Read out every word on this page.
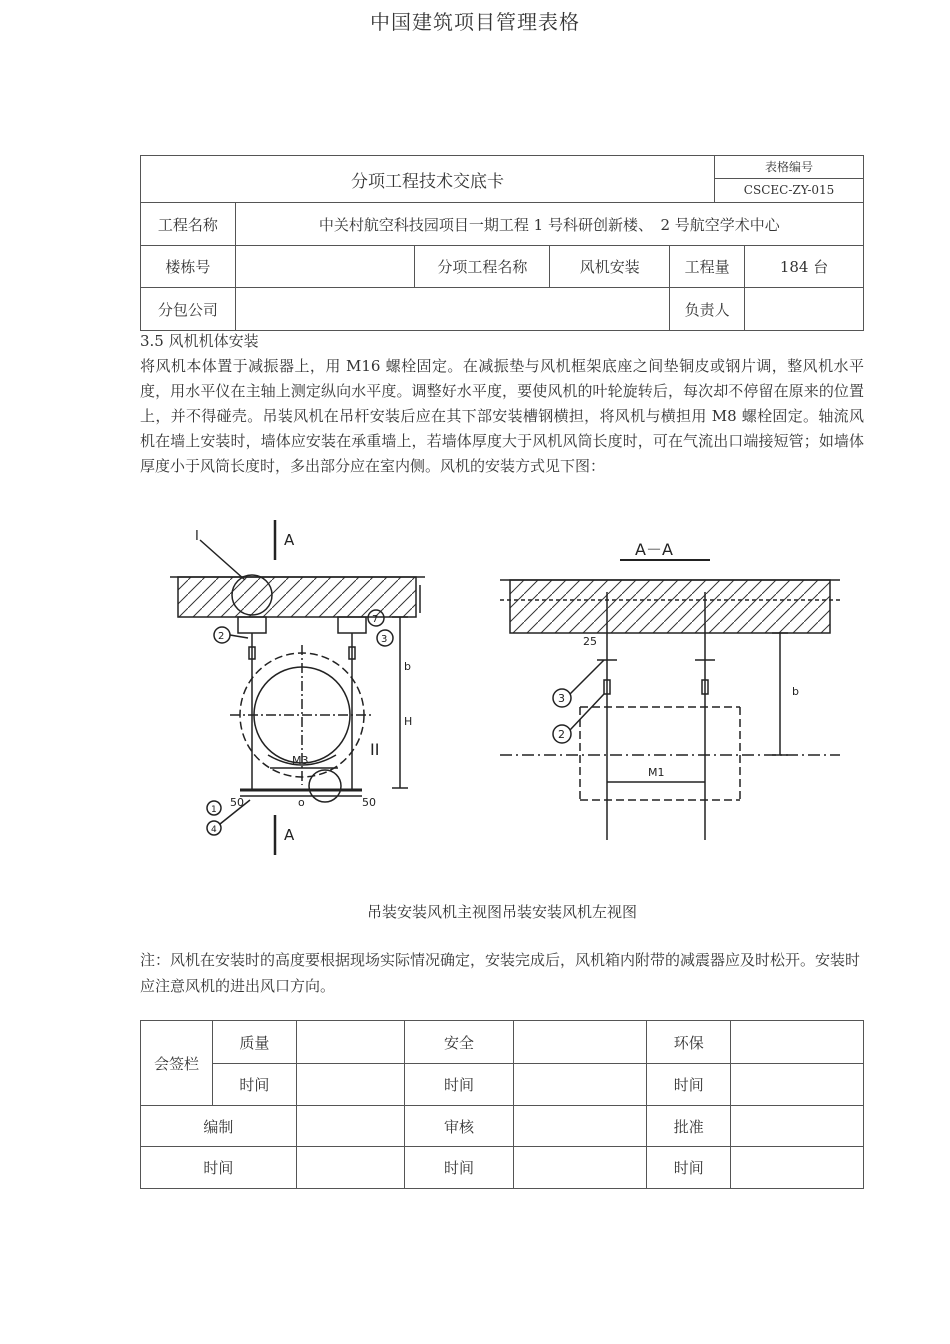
中国建筑项目管理表格
分项工程技术交底卡					表格编号
CSCEC-ZY-015	

工程名称	中关村航空科技园项目一期工程 1 号科研创新楼、　2 号航空学术中心					
楼栋号		分项工程名称	风机安装	工程量		184 台
分包公司				负责人		
3.5 风机机体安装
将风机本体置于减振器上，用 M16 螺栓固定。在减振垫与风机框架底座之间垫铜皮或钢片调，整风机水平度，用水平仪在主轴上测定纵向水平度。调整好水平度，要使风机的叶轮旋转后，每次却不停留在原来的位置上，并不得碰壳。吊装风机在吊杆安装后应在其下部安装槽钢横担，将风机与横担用 M8 螺栓固定。轴流风机在墙上安装时，墙体应安装在承重墙上，若墙体厚度大于风机风筒长度时，可在气流出口端接短管；如墙体厚度小于风筒长度时，多出部分应在室内侧。风机的安装方式见下图：
I	A
A
II
M3
b
H
o
50	50
1
2	3
4
7
A－A
M1
b
25
2
3
吊装安装风机主视图吊装安装风机左视图
注：风机在安装时的高度要根据现场实际情况确定，安装完成后，风机箱内附带的减震器应及时松开。安装时应注意风机的进出风口方向。
会签栏	质量		安全		环保	
	时间		时间		时间	
编制			审核		批准	
时间			时间		时间	
